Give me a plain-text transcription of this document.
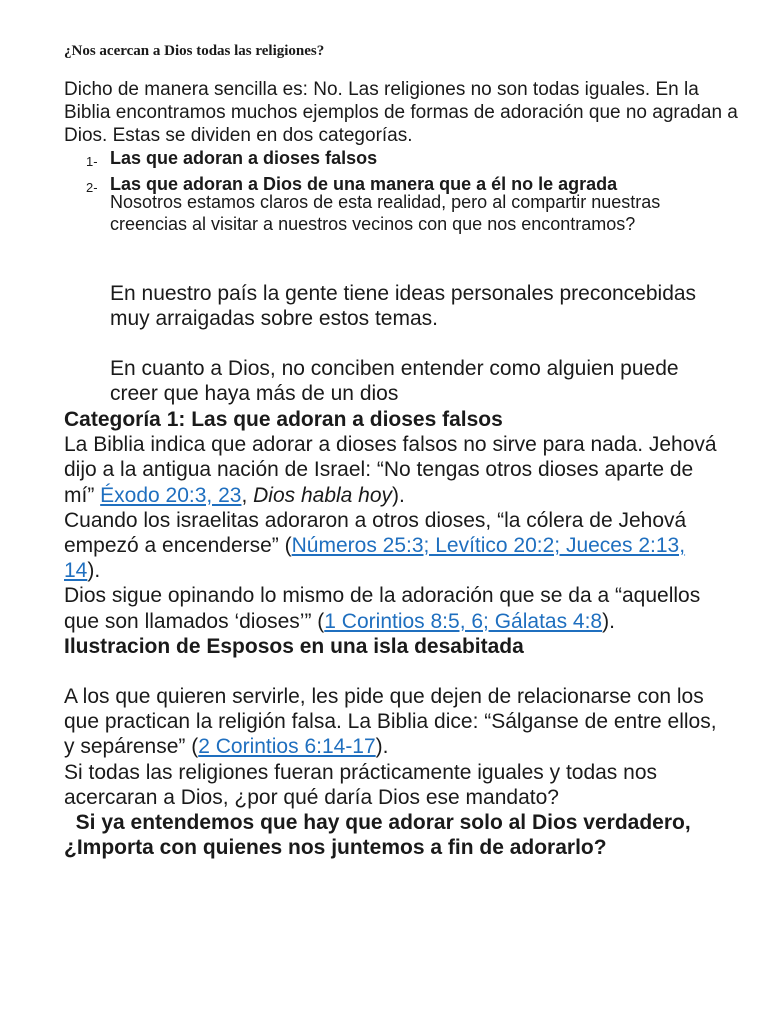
¿Nos acercan a Dios todas las religiones?

Dicho de manera sencilla es: No. Las religiones no son todas iguales. En la Biblia encontramos muchos ejemplos de formas de adoración que no agradan a Dios. Estas se dividen en dos categorías.

1- Las que adoran a dioses falsos
2- Las que adoran a Dios de una manera que a él no le agrada

Nosotros estamos claros de esta realidad, pero al compartir nuestras creencias al visitar a nuestros vecinos con que nos encontramos?

En nuestro país la gente tiene ideas personales preconcebidas muy arraigadas sobre estos temas.

En cuanto a Dios, no conciben entender como alguien puede creer que haya más de un dios

Categoría 1: Las que adoran a dioses falsos

La Biblia indica que adorar a dioses falsos no sirve para nada. Jehová dijo a la antigua nación de Israel: “No tengas otros dioses aparte de mí” Éxodo 20:3, 23, Dios habla hoy).

Cuando los israelitas adoraron a otros dioses, “la cólera de Jehová empezó a encenderse” (Números 25:3; Levítico 20:2; Jueces 2:13, 14).

Dios sigue opinando lo mismo de la adoración que se da a “aquellos que son llamados ‘dioses’” (1 Corintios 8:5, 6; Gálatas 4:8).

Ilustracion de Esposos en una isla desabitada

A los que quieren servirle, les pide que dejen de relacionarse con los que practican la religión falsa. La Biblia dice: “Sálganse de entre ellos, y sepárense” (2 Corintios 6:14-17).

Si todas las religiones fueran prácticamente iguales y todas nos acercaran a Dios, ¿por qué daría Dios ese mandato?

Si ya entendemos que hay que adorar solo al Dios verdadero, ¿Importa con quienes nos juntemos a fin de adorarlo?
